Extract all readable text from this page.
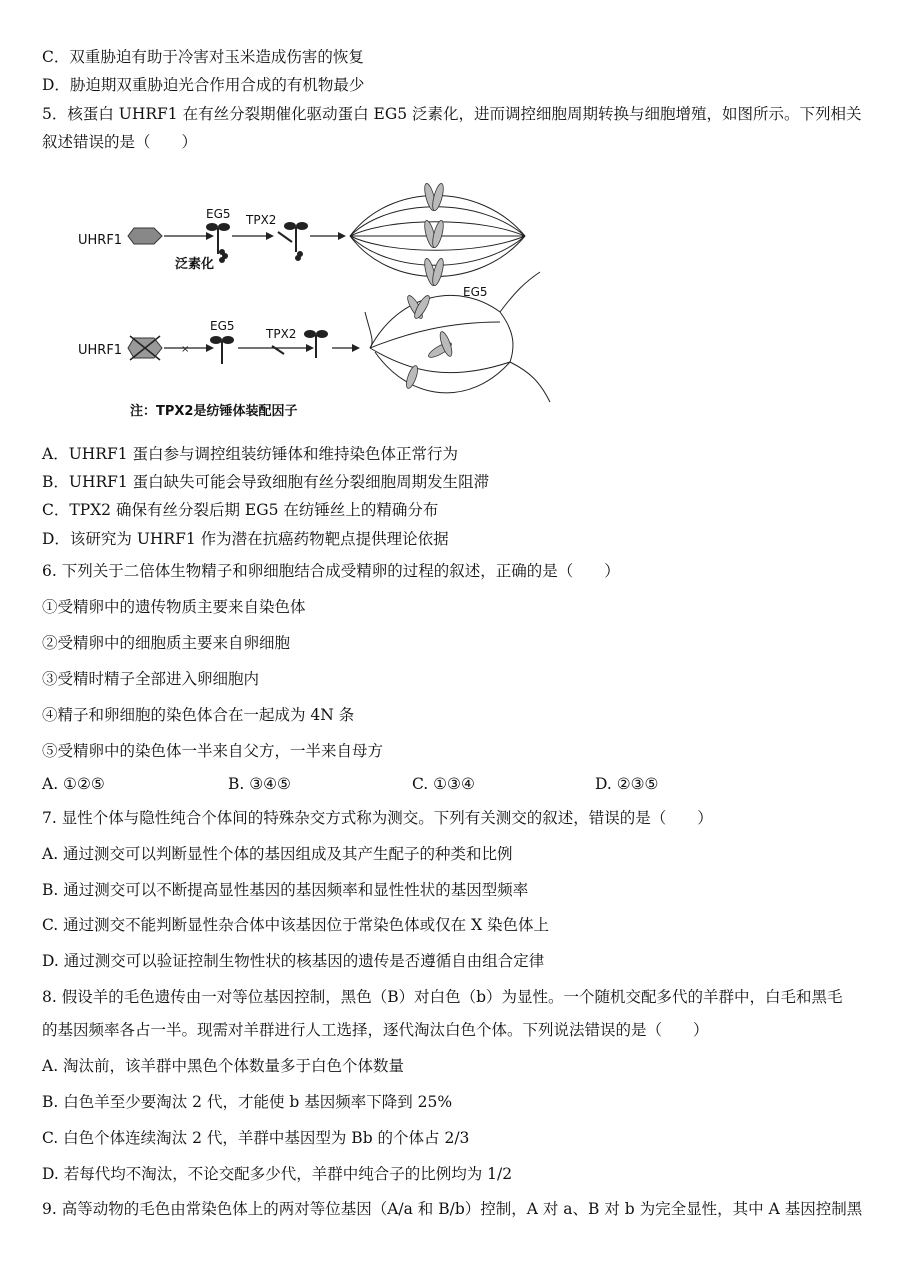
C．双重胁迫有助于冷害对玉米造成伤害的恢复
D．胁迫期双重胁迫光合作用合成的有机物最少
5．核蛋白 UHRF1 在有丝分裂期催化驱动蛋白 EG5 泛素化，进而调控细胞周期转换与细胞增殖，如图所示。下列相关
叙述错误的是（　　）
UHRF1
EG5
泛素化
TPX2
UHRF1	×
EG5
TPX2
EG5
注：TPX2是纺锤体装配因子
A．UHRF1 蛋白参与调控组装纺锤体和维持染色体正常行为
B．UHRF1 蛋白缺失可能会导致细胞有丝分裂细胞周期发生阻滞
C．TPX2 确保有丝分裂后期 EG5 在纺锤丝上的精确分布
D．该研究为 UHRF1 作为潜在抗癌药物靶点提供理论依据
6. 下列关于二倍体生物精子和卵细胞结合成受精卵的过程的叙述，正确的是（　　）
①受精卵中的遗传物质主要来自染色体
②受精卵中的细胞质主要来自卵细胞
③受精时精子全部进入卵细胞内
④精子和卵细胞的染色体合在一起成为 4N 条
⑤受精卵中的染色体一半来自父方，一半来自母方
A. ①②⑤	B. ③④⑤	C. ①③④	D. ②③⑤
7. 显性个体与隐性纯合个体间的特殊杂交方式称为测交。下列有关测交的叙述，错误的是（　　）
A. 通过测交可以判断显性个体的基因组成及其产生配子的种类和比例
B. 通过测交可以不断提高显性基因的基因频率和显性性状的基因型频率
C. 通过测交不能判断显性杂合体中该基因位于常染色体或仅在 X 染色体上
D. 通过测交可以验证控制生物性状的核基因的遗传是否遵循自由组合定律
8. 假设羊的毛色遗传由一对等位基因控制，黑色（B）对白色（b）为显性。一个随机交配多代的羊群中，白毛和黑毛
的基因频率各占一半。现需对羊群进行人工选择，逐代淘汰白色个体。下列说法错误的是（　　）
A. 淘汰前，该羊群中黑色个体数量多于白色个体数量
B. 白色羊至少要淘汰 2 代，才能使 b 基因频率下降到 25%
C. 白色个体连续淘汰 2 代，羊群中基因型为 Bb 的个体占 2/3
D. 若每代均不淘汰，不论交配多少代，羊群中纯合子的比例均为 1/2
9. 高等动物的毛色由常染色体上的两对等位基因（A/a 和 B/b）控制，A 对 a、B 对 b 为完全显性，其中 A 基因控制黑
